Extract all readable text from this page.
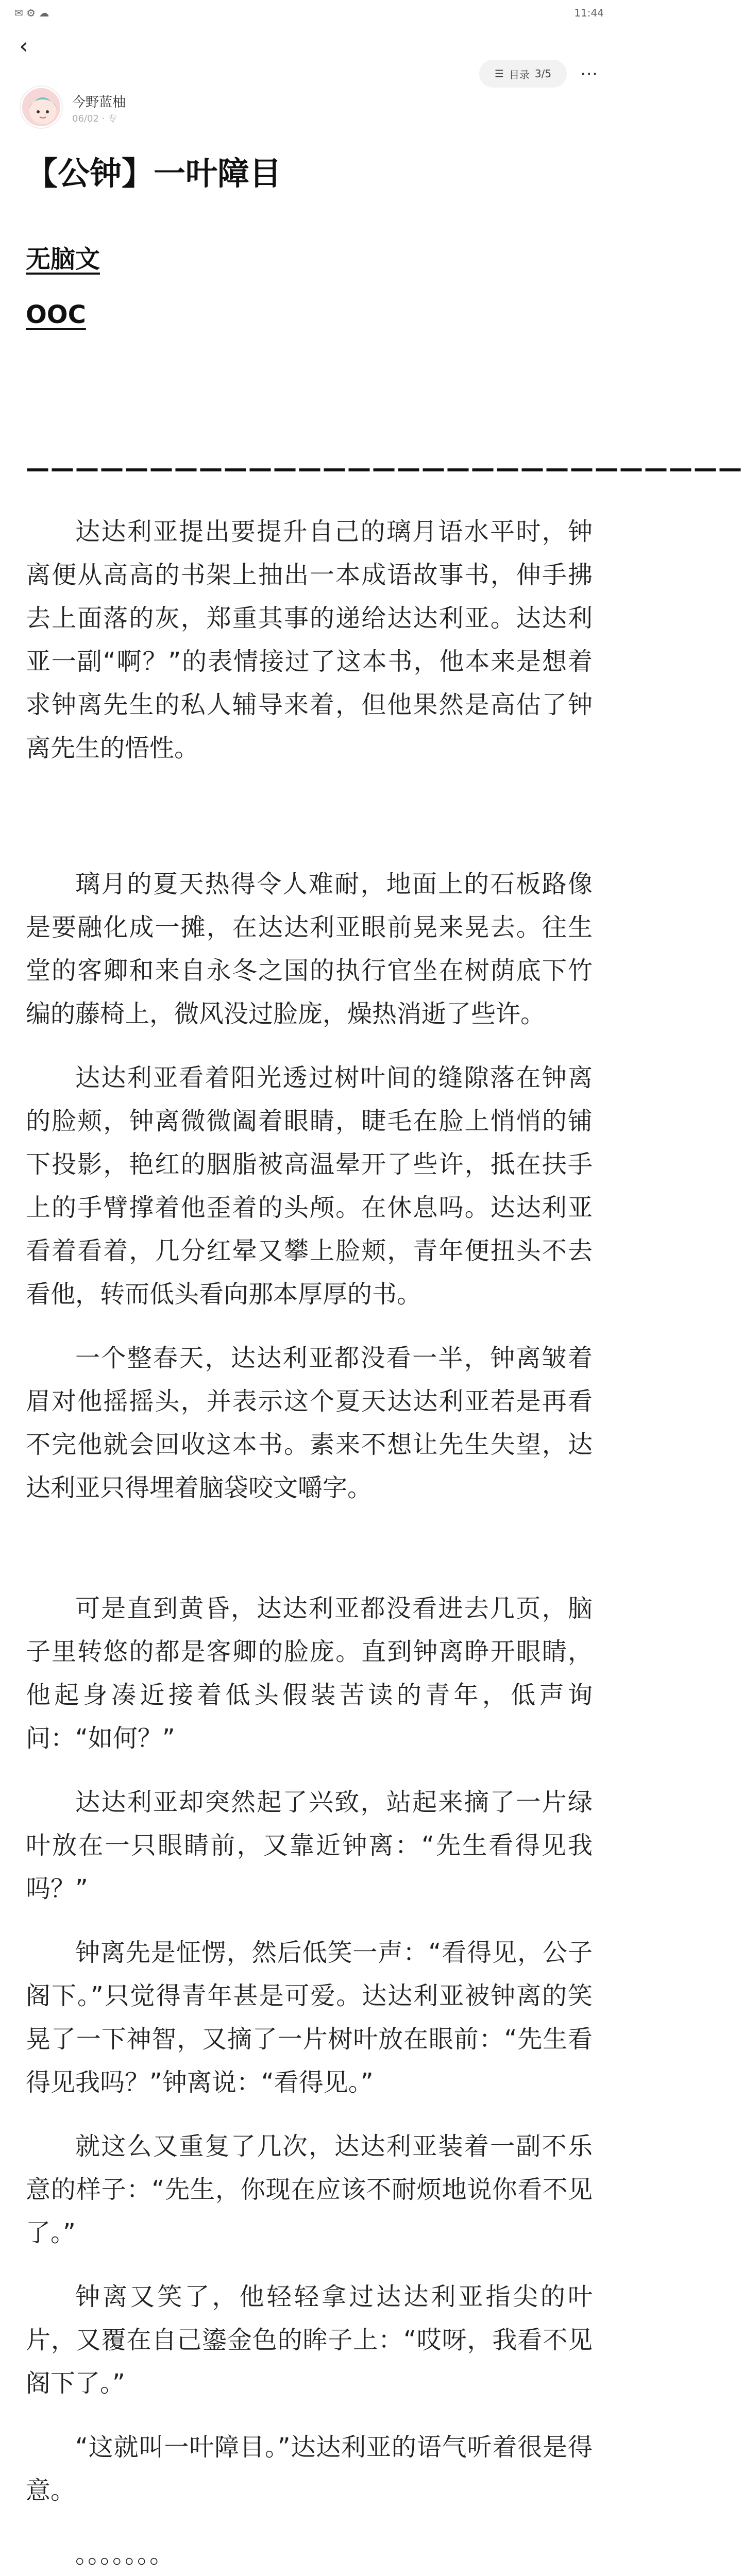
✉ ⚙ ☁	11:44
‹
☰ 目录 3/5 ⋯
今野蓝柚
06/02 · 专
【公钟】一叶障目
无脑文
OOC
—————————————————————————————

达达利亚提出要提升自己的璃月语水平时，钟离便从高高的书架上抽出一本成语故事书，伸手拂去上面落的灰，郑重其事的递给达达利亚。达达利亚一副“啊？”的表情接过了这本书，他本来是想着求钟离先生的私人辅导来着，但他果然是高估了钟离先生的悟性。

璃月的夏天热得令人难耐，地面上的石板路像是要融化成一摊，在达达利亚眼前晃来晃去。往生堂的客卿和来自永冬之国的执行官坐在树荫底下竹编的藤椅上，微风没过脸庞，燥热消逝了些许。

达达利亚看着阳光透过树叶间的缝隙落在钟离的脸颊，钟离微微阖着眼睛，睫毛在脸上悄悄的铺下投影，艳红的胭脂被高温晕开了些许，抵在扶手上的手臂撑着他歪着的头颅。在休息吗。达达利亚看着看着，几分红晕又攀上脸颊，青年便扭头不去看他，转而低头看向那本厚厚的书。

一个整春天，达达利亚都没看一半，钟离皱着眉对他摇摇头，并表示这个夏天达达利亚若是再看不完他就会回收这本书。素来不想让先生失望，达达利亚只得埋着脑袋咬文嚼字。

可是直到黄昏，达达利亚都没看进去几页，脑子里转悠的都是客卿的脸庞。直到钟离睁开眼睛，他起身凑近接着低头假装苦读的青年，低声询问：“如何？”

达达利亚却突然起了兴致，站起来摘了一片绿叶放在一只眼睛前，又靠近钟离：“先生看得见我吗？”

钟离先是怔愣，然后低笑一声：“看得见，公子阁下。”只觉得青年甚是可爱。达达利亚被钟离的笑晃了一下神智，又摘了一片树叶放在眼前：“先生看得见我吗？”钟离说：“看得见。”

就这么又重复了几次，达达利亚装着一副不乐意的样子：“先生，你现在应该不耐烦地说你看不见了。”

钟离又笑了，他轻轻拿过达达利亚指尖的叶片，又覆在自己鎏金色的眸子上：“哎呀，我看不见阁下了。”

“这就叫一叶障目。”达达利亚的语气听着很是得意。

。。。。。。。
